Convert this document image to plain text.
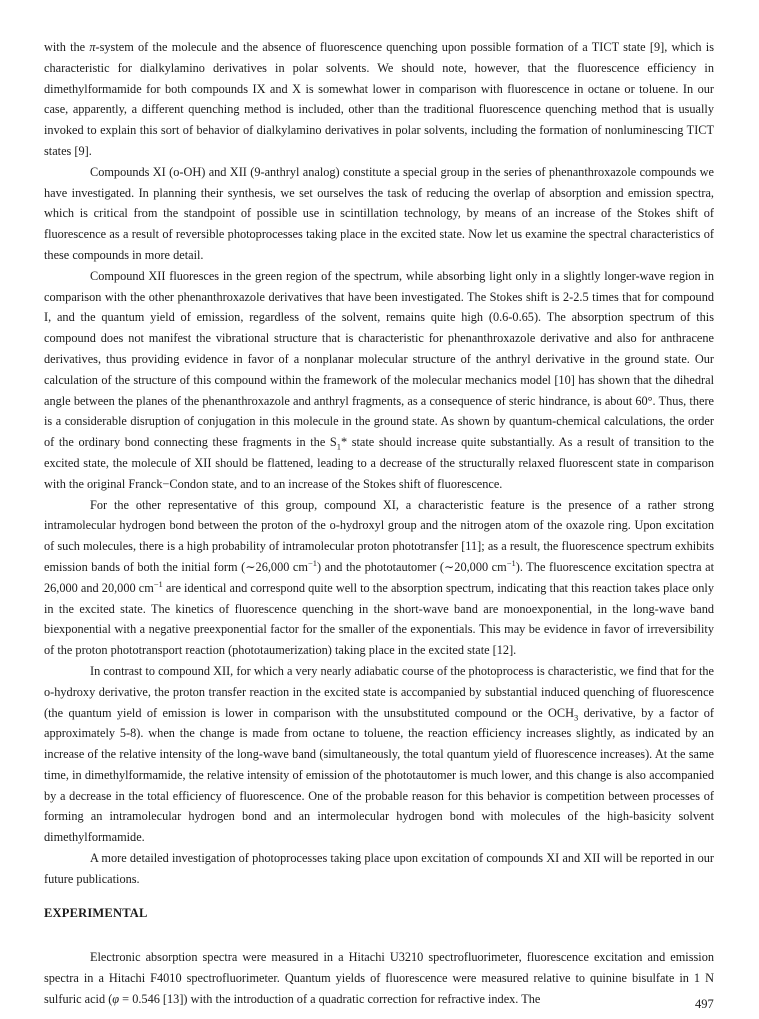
with the π-system of the molecule and the absence of fluorescence quenching upon possible formation of a TICT state [9], which is characteristic for dialkylamino derivatives in polar solvents. We should note, however, that the fluorescence efficiency in dimethylformamide for both compounds IX and X is somewhat lower in comparison with fluorescence in octane or toluene. In our case, apparently, a different quenching method is included, other than the traditional fluorescence quenching method that is usually invoked to explain this sort of behavior of dialkylamino derivatives in polar solvents, including the formation of nonluminescing TICT states [9].

Compounds XI (o-OH) and XII (9-anthryl analog) constitute a special group in the series of phenanthroxazole compounds we have investigated. In planning their synthesis, we set ourselves the task of reducing the overlap of absorption and emission spectra, which is critical from the standpoint of possible use in scintillation technology, by means of an increase of the Stokes shift of fluorescence as a result of reversible photoprocesses taking place in the excited state. Now let us examine the spectral characteristics of these compounds in more detail.

Compound XII fluoresces in the green region of the spectrum, while absorbing light only in a slightly longer-wave region in comparison with the other phenanthroxazole derivatives that have been investigated. The Stokes shift is 2-2.5 times that for compound I, and the quantum yield of emission, regardless of the solvent, remains quite high (0.6-0.65). The absorption spectrum of this compound does not manifest the vibrational structure that is characteristic for phenanthroxazole derivative and also for anthracene derivatives, thus providing evidence in favor of a nonplanar molecular structure of the anthryl derivative in the ground state. Our calculation of the structure of this compound within the framework of the molecular mechanics model [10] has shown that the dihedral angle between the planes of the phenanthroxazole and anthryl fragments, as a consequence of steric hindrance, is about 60°. Thus, there is a considerable disruption of conjugation in this molecule in the ground state. As shown by quantum-chemical calculations, the order of the ordinary bond connecting these fragments in the $S_1*$ state should increase quite substantially. As a result of transition to the excited state, the molecule of XII should be flattened, leading to a decrease of the structurally relaxed fluorescent state in comparison with the original Franck−Condon state, and to an increase of the Stokes shift of fluorescence.

For the other representative of this group, compound XI, a characteristic feature is the presence of a rather strong intramolecular hydrogen bond between the proton of the o-hydroxyl group and the nitrogen atom of the oxazole ring. Upon excitation of such molecules, there is a high probability of intramolecular proton phototransfer [11]; as a result, the fluorescence spectrum exhibits emission bands of both the initial form (∼26,000 $cm^{-1}$) and the phototautomer (∼20,000 $cm^{-1}$). The fluorescence excitation spectra at 26,000 and 20,000 $cm^{-1}$ are identical and correspond quite well to the absorption spectrum, indicating that this reaction takes place only in the excited state. The kinetics of fluorescence quenching in the short-wave band are monoexponential, in the long-wave band biexponential with a negative preexponential factor for the smaller of the exponentials. This may be evidence in favor of irreversibility of the proton phototransport reaction (phototaumerization) taking place in the excited state [12].

In contrast to compound XII, for which a very nearly adiabatic course of the photoprocess is characteristic, we find that for the o-hydroxy derivative, the proton transfer reaction in the excited state is accompanied by substantial induced quenching of fluorescence (the quantum yield of emission is lower in comparison with the unsubstituted compound or the $OCH_3$ derivative, by a factor of approximately 5-8). when the change is made from octane to toluene, the reaction efficiency increases slightly, as indicated by an increase of the relative intensity of the long-wave band (simultaneously, the total quantum yield of fluorescence increases). At the same time, in dimethylformamide, the relative intensity of emission of the phototautomer is much lower, and this change is also accompanied by a decrease in the total efficiency of fluorescence. One of the probable reason for this behavior is competition between processes of forming an intramolecular hydrogen bond and an intermolecular hydrogen bond with molecules of the high-basicity solvent dimethylformamide.

A more detailed investigation of photoprocesses taking place upon excitation of compounds XI and XII will be reported in our future publications.

EXPERIMENTAL

Electronic absorption spectra were measured in a Hitachi U3210 spectrofluorimeter, fluorescence excitation and emission spectra in a Hitachi F4010 spectrofluorimeter. Quantum yields of fluorescence were measured relative to quinine bisulfate in 1 N sulfuric acid (φ = 0.546 [13]) with the introduction of a quadratic correction for refractive index. The	497
